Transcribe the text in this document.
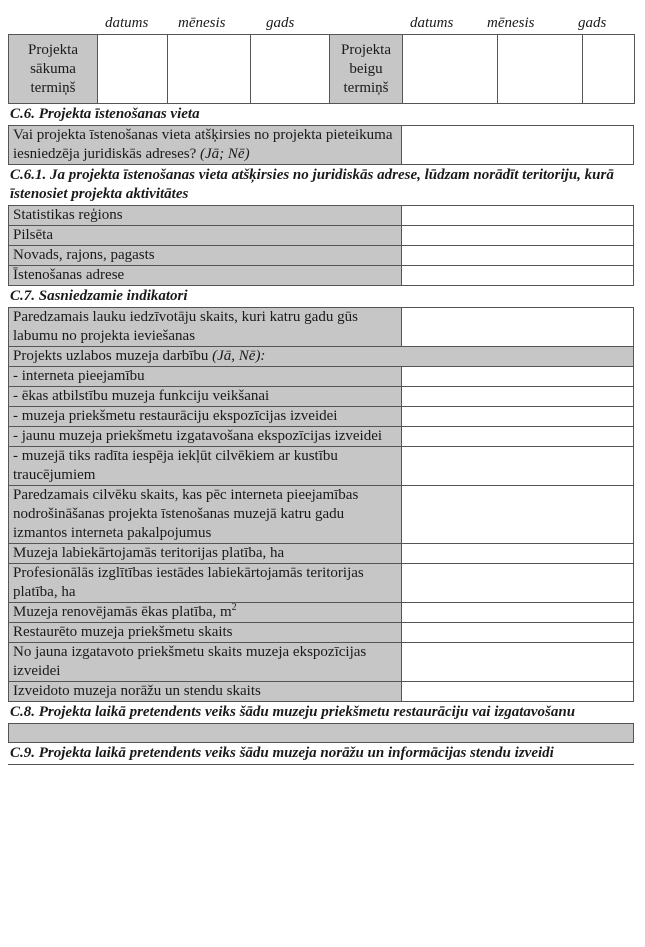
datums mēnesis	gads	datums mēnesis	gads
Projekta sākuma termiņš				Projekta beigu termiņš			
C.6. Projekta īstenošanas vieta
Vai projekta īstenošanas vieta atšķirsies no projekta pieteikuma iesniedzēja juridiskās adreses? (Jā; Nē)	
C.6.1. Ja projekta īstenošanas vieta atšķirsies no juridiskās adrese, lūdzam norādīt teritoriju, kurā īstenosiet projekta aktivitātes
Statistikas reģions	
Pilsēta	
Novads, rajons, pagasts	
Īstenošanas adrese	
C.7. Sasniedzamie indikatori
Paredzamais lauku iedzīvotāju skaits, kuri katru gadu gūs labumu no projekta ieviešanas	
Projekts uzlabos muzeja darbību (Jā, Nē):	
- interneta pieejamību	
- ēkas atbilstību muzeja funkciju veikšanai	
- muzeja priekšmetu restaurāciju ekspozīcijas izveidei	
- jaunu muzeja priekšmetu izgatavošana ekspozīcijas izveidei	
- muzejā tiks radīta iespēja iekļūt cilvēkiem ar kustību traucējumiem	
Paredzamais cilvēku skaits, kas pēc interneta pieejamības nodrošināšanas projekta īstenošanas muzejā katru gadu izmantos interneta pakalpojumus	
Muzeja labiekārtojamās teritorijas platība, ha	
Profesionālās izglītības iestādes labiekārtojamās teritorijas platība, ha	
Muzeja renovējamās ēkas platība, $m^2$	
Restaurēto muzeja priekšmetu skaits	
No jauna izgatavoto priekšmetu skaits muzeja ekspozīcijas izveidei	
Izveidoto muzeja norāžu un stendu skaits	
C.8. Projekta laikā pretendents veiks šādu muzeju priekšmetu restaurāciju vai izgatavošanu
C.9. Projekta laikā pretendents veiks šādu muzeja norāžu un informācijas stendu izveidi
